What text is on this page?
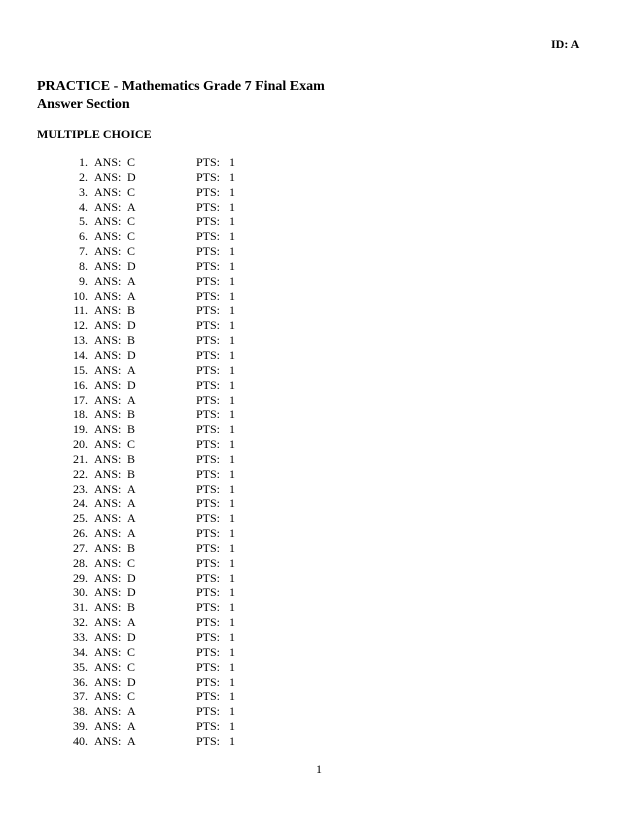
ID: A
PRACTICE - Mathematics Grade 7 Final Exam
Answer Section
MULTIPLE CHOICE
1. ANS: C	PTS: 1
2. ANS: D	PTS: 1
3. ANS: C	PTS: 1
4. ANS: A	PTS: 1
5. ANS: C	PTS: 1
6. ANS: C	PTS: 1
7. ANS: C	PTS: 1
8. ANS: D	PTS: 1
9. ANS: A	PTS: 1
10. ANS: A	PTS: 1
11. ANS: B	PTS: 1
12. ANS: D	PTS: 1
13. ANS: B	PTS: 1
14. ANS: D	PTS: 1
15. ANS: A	PTS: 1
16. ANS: D	PTS: 1
17. ANS: A	PTS: 1
18. ANS: B	PTS: 1
19. ANS: B	PTS: 1
20. ANS: C	PTS: 1
21. ANS: B	PTS: 1
22. ANS: B	PTS: 1
23. ANS: A	PTS: 1
24. ANS: A	PTS: 1
25. ANS: A	PTS: 1
26. ANS: A	PTS: 1
27. ANS: B	PTS: 1
28. ANS: C	PTS: 1
29. ANS: D	PTS: 1
30. ANS: D	PTS: 1
31. ANS: B	PTS: 1
32. ANS: A	PTS: 1
33. ANS: D	PTS: 1
34. ANS: C	PTS: 1
35. ANS: C	PTS: 1
36. ANS: D	PTS: 1
37. ANS: C	PTS: 1
38. ANS: A	PTS: 1
39. ANS: A	PTS: 1
40. ANS: A	PTS: 1
1
